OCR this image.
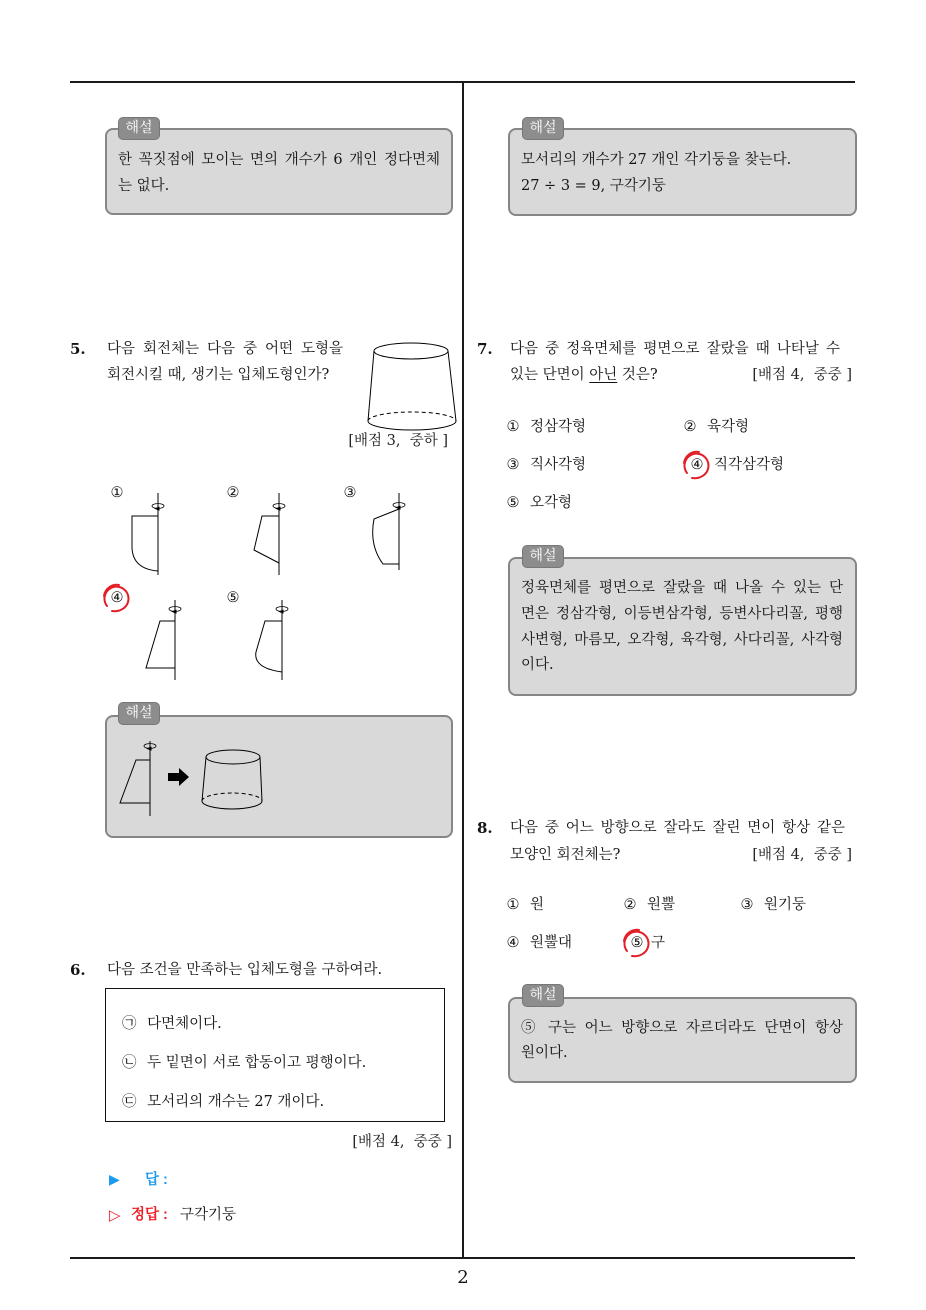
해설
한 꼭짓점에 모이는 면의 개수가 6 개인 정다면체
는 없다.
5. 다음 회전체는 다음 중 어떤 도형을
회전시킬 때, 생기는 입체도형인가?
[배점 3,  중하 ]
①	②	③
④	⑤
해설
6. 다음 조건을 만족하는 입체도형을 구하여라.
㉠ 다면체이다.
㉡ 두 밑면이 서로 합동이고 평행이다.
㉢ 모서리의 개수는 27 개이다.
[배점 4,  중중 ]
▶ 답 :
▷ 정답 : 구각기둥
해설
모서리의 개수가 27 개인 각기둥을 찾는다.
27 ÷ 3 = 9, 구각기둥
7. 다음 중 정육면체를 평면으로 잘랐을 때 나타날 수
있는 단면이 아닌 것은?	[배점 4,  중중 ]
① 정삼각형	② 육각형
③ 직사각형	④ 직각삼각형
⑤ 오각형
해설
정육면체를 평면으로 잘랐을 때 나올 수 있는 단
면은 정삼각형, 이등변삼각형, 등변사다리꼴, 평행
사변형, 마름모, 오각형, 육각형, 사다리꼴, 사각형
이다.
8. 다음 중 어느 방향으로 잘라도 잘린 면이 항상 같은
모양인 회전체는?	[배점 4,  중중 ]
① 원	② 원뿔	③ 원기둥
④ 원뿔대	⑤ 구
해설
⑤ 구는 어느 방향으로 자르더라도 단면이 항상
원이다.
2
